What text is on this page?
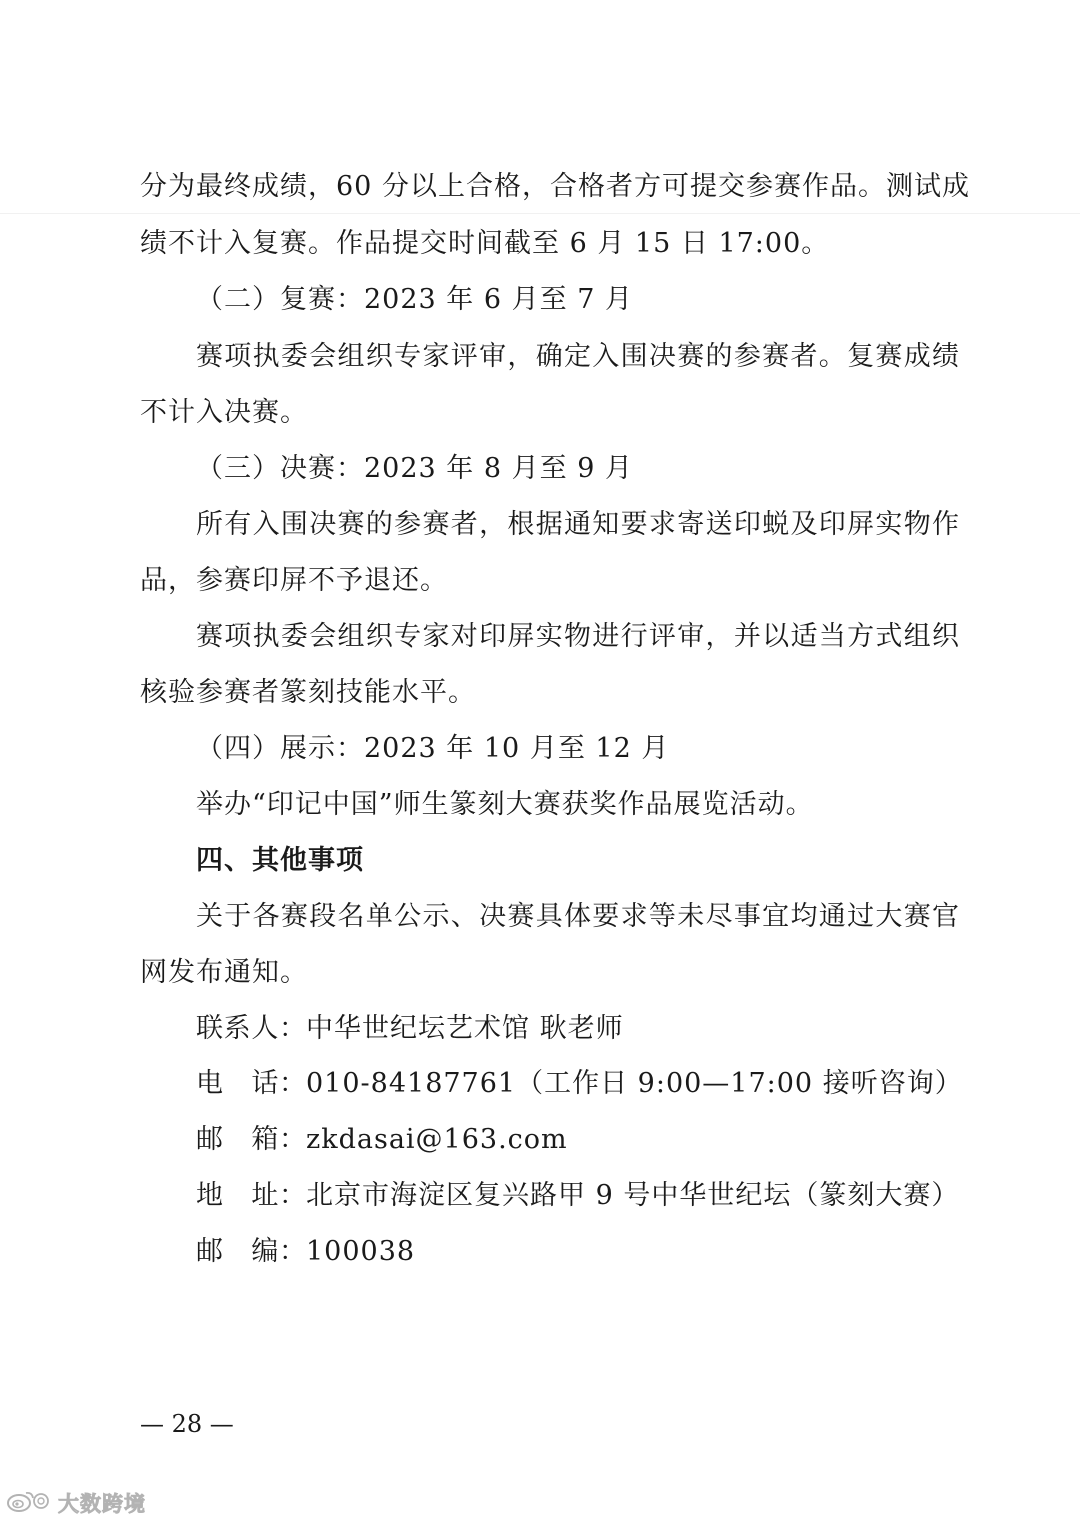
分为最终成绩，60 分以上合格，合格者方可提交参赛作品。测试成
绩不计入复赛。作品提交时间截至 6 月 15 日 17:00。
（二）复赛：2023 年 6 月至 7 月
赛项执委会组织专家评审，确定入围决赛的参赛者。复赛成绩
不计入决赛。
（三）决赛：2023 年 8 月至 9 月
所有入围决赛的参赛者，根据通知要求寄送印蜕及印屏实物作
品，参赛印屏不予退还。
赛项执委会组织专家对印屏实物进行评审，并以适当方式组织
核验参赛者篆刻技能水平。
（四）展示：2023 年 10 月至 12 月
举办“印记中国”师生篆刻大赛获奖作品展览活动。
四、其他事项
关于各赛段名单公示、决赛具体要求等未尽事宜均通过大赛官
网发布通知。
联系人：中华世纪坛艺术馆 耿老师
电　话：010-84187761（工作日 9:00—17:00 接听咨询）
邮　箱：zkdasai@163.com
地　址：北京市海淀区复兴路甲 9 号中华世纪坛（篆刻大赛）
邮　编：100038
— 28 —
大数跨境
